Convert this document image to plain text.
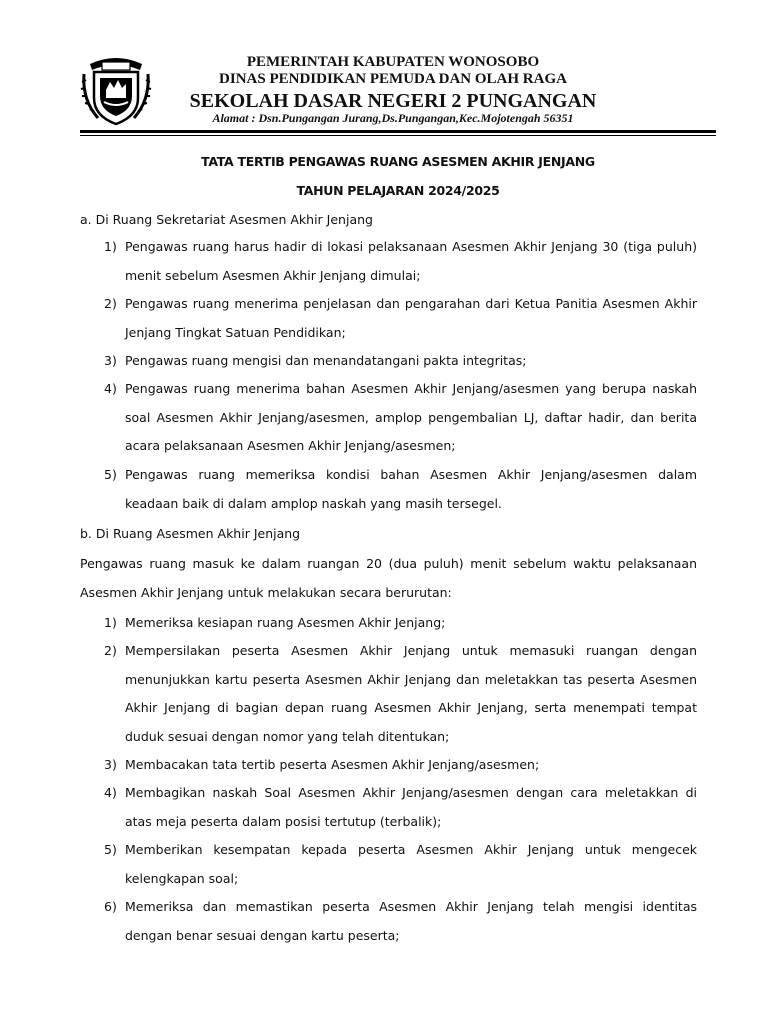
PEMERINTAH KABUPATEN WONOSOBO
DINAS PENDIDIKAN PEMUDA DAN OLAH RAGA
SEKOLAH DASAR NEGERI 2 PUNGANGAN
Alamat : Dsn.Pungangan Jurang,Ds.Pungangan,Kec.Mojotengah 56351
TATA TERTIB PENGAWAS RUANG ASESMEN AKHIR JENJANG
TAHUN PELAJARAN 2024/2025
a. Di Ruang Sekretariat Asesmen Akhir Jenjang
1) Pengawas ruang harus hadir di lokasi pelaksanaan Asesmen Akhir Jenjang 30 (tiga puluh) menit sebelum Asesmen Akhir Jenjang dimulai;
2) Pengawas ruang menerima penjelasan dan pengarahan dari Ketua Panitia Asesmen Akhir Jenjang Tingkat Satuan Pendidikan;
3) Pengawas ruang mengisi dan menandatangani pakta integritas;
4) Pengawas ruang menerima bahan Asesmen Akhir Jenjang/asesmen yang berupa naskah soal Asesmen Akhir Jenjang/asesmen, amplop pengembalian LJ, daftar hadir, dan berita acara pelaksanaan Asesmen Akhir Jenjang/asesmen;
5) Pengawas ruang memeriksa kondisi bahan Asesmen Akhir Jenjang/asesmen dalam keadaan baik di dalam amplop naskah yang masih tersegel.
b. Di Ruang Asesmen Akhir Jenjang
Pengawas ruang masuk ke dalam ruangan 20 (dua puluh) menit sebelum waktu pelaksanaan Asesmen Akhir Jenjang untuk melakukan secara berurutan:
1) Memeriksa kesiapan ruang Asesmen Akhir Jenjang;
2) Mempersilakan peserta Asesmen Akhir Jenjang untuk memasuki ruangan dengan menunjukkan kartu peserta Asesmen Akhir Jenjang dan meletakkan tas peserta Asesmen Akhir Jenjang di bagian depan ruang Asesmen Akhir Jenjang, serta menempati tempat duduk sesuai dengan nomor yang telah ditentukan;
3) Membacakan tata tertib peserta Asesmen Akhir Jenjang/asesmen;
4) Membagikan naskah Soal Asesmen Akhir Jenjang/asesmen dengan cara meletakkan di atas meja peserta dalam posisi tertutup (terbalik);
5) Memberikan kesempatan kepada peserta Asesmen Akhir Jenjang untuk mengecek kelengkapan soal;
6) Memeriksa dan memastikan peserta Asesmen Akhir Jenjang telah mengisi identitas dengan benar sesuai dengan kartu peserta;
